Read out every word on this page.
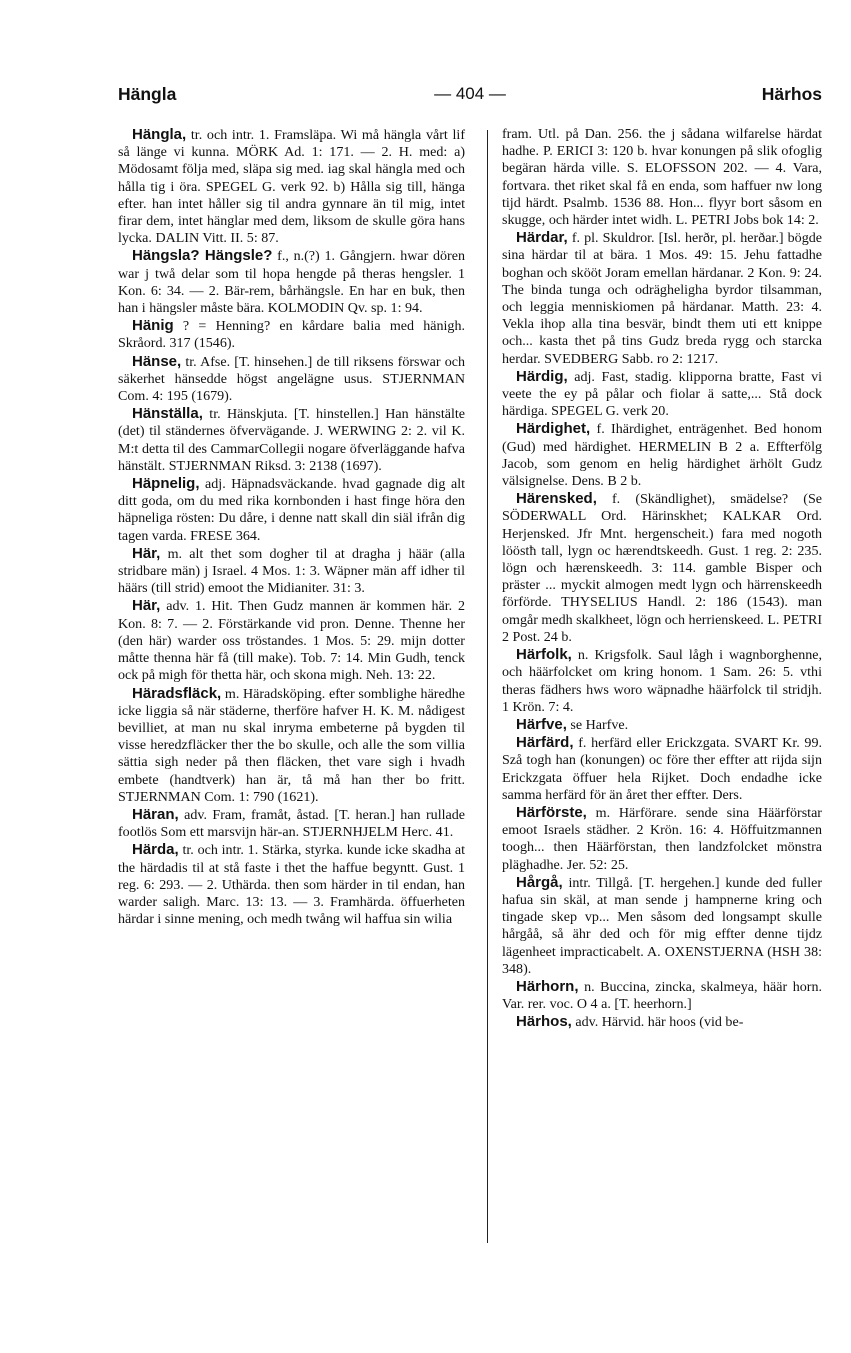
Hängla	— 404 —	Härhos

Hängla, tr. och intr. 1. Framsläpa. Wi må hängla vårt lif så länge vi kunna. MÖRK Ad. 1: 171. — 2. H. med: a) Mödosamt följa med, släpa sig med. iag skal hängla med och hålla tig i öra. SPEGEL G. verk 92. b) Hålla sig till, hänga efter. han intet håller sig til andra gynnare än til mig, intet firar dem, intet hänglar med dem, liksom de skulle göra hans lycka. DALIN Vitt. II. 5: 87.

Hängsla? Hängsle? f., n.(?) 1. Gångjern. hwar dören war j twå delar som til hopa hengde på theras hengsler. 1 Kon. 6: 34. — 2. Bär-rem, bårhängsle. En har en buk, then han i hängsler måste bära. KOLMODIN Qv. sp. 1: 94.

Hänig ? = Henning? en kårdare balia med hänigh. Skråord. 317 (1546).

Hänse, tr. Afse. [T. hinsehen.] de till riksens förswar och säkerhet hänsedde högst angelägne usus. STJERNMAN Com. 4: 195 (1679).

Hänställa, tr. Hänskjuta. [T. hinstellen.] Han hänstälte (det) til ständernes öfvervägande. J. WERWING 2: 2. vil K. M:t detta til des CammarCollegii nogare öfverläggande hafva hänstält. STJERNMAN Riksd. 3: 2138 (1697).

Häpnelig, adj. Häpnadsväckande. hvad gagnade dig alt ditt goda, om du med rika kornbonden i hast finge höra den häpneliga rösten: Du dåre, i denne natt skall din siäl ifrån dig tagen varda. FRESE 364.

Här, m. alt thet som dogher til at dragha j häär (alla stridbare män) j Israel. 4 Mos. 1: 3. Wäpner män aff idher til häärs (till strid) emoot the Midianiter. 31: 3.

Här, adv. 1. Hit. Then Gudz mannen är kommen här. 2 Kon. 8: 7. — 2. Förstärkande vid pron. Denne. Thenne her (den här) warder oss tröstandes. 1 Mos. 5: 29. mijn dotter måtte thenna här få (till make). Tob. 7: 14. Min Gudh, tenck ock på migh för thetta här, och skona migh. Neh. 13: 22.

Häradsfläck, m. Häradsköping. efter somblighe häredhe icke liggia så när städerne, therföre hafver H. K. M. nådigest bevilliet, at man nu skal inryma embeterne på bygden til visse heredzfläcker ther the bo skulle, och alle the som villia sättia sigh neder på then fläcken, thet vare sigh i hvadh embete (handtverk) han är, tå må han ther bo fritt. STJERNMAN Com. 1: 790 (1621).

Häran, adv. Fram, framåt, åstad. [T. heran.] han rullade footlös Som ett marsvijn här-an. STJERNHJELM Herc. 41.

Härda, tr. och intr. 1. Stärka, styrka. kunde icke skadha at the härdadis til at stå faste i thet the haffue begyntt. Gust. 1 reg. 6: 293. — 2. Uthärda. then som härder in til endan, han warder saligh. Marc. 13: 13. — 3. Framhärda. öffuerheten härdar i sinne mening, och medh twång wil haffua sin wilia

fram. Utl. på Dan. 256. the j sådana wilfarelse härdat hadhe. P. ERICI 3: 120 b. hvar konungen på slik ofoglig begäran härda ville. S. ELOFSSON 202. — 4. Vara, fortvara. thet riket skal få en enda, som haffuer nw long tijd härdt. Psalmb. 1536 88. Hon... flyyr bort såsom en skugge, och härder intet widh. L. PETRI Jobs bok 14: 2.

Härdar, f. pl. Skuldror. [Isl. herðr, pl. herðar.] bögde sina härdar til at bära. 1 Mos. 49: 15. Jehu fattadhe boghan och skööt Joram emellan härdanar. 2 Kon. 9: 24. The binda tunga och odrägheligha byrdor tilsamman, och leggia menniskiomen på härdanar. Matth. 23: 4. Vekla ihop alla tina besvär, bindt them uti ett knippe och... kasta thet på tins Gudz breda rygg och starcka herdar. SVEDBERG Sabb. ro 2: 1217.

Härdig, adj. Fast, stadig. klipporna bratte, Fast vi veete the ey på pålar och fiolar ä satte,... Stå dock härdiga. SPEGEL G. verk 20.

Härdighet, f. Ihärdighet, enträgenhet. Bed honom (Gud) med härdighet. HERMELIN B 2 a. Effterfölg Jacob, som genom en helig härdighet ärhölt Gudz välsignelse. Dens. B 2 b.

Härensked, f. (Skändlighet), smädelse? (Se SÖDERWALL Ord. Härinskhet; KALKAR Ord. Herjensked. Jfr Mnt. hergenscheit.) fara med nogoth lööstħ tall, lygn oc hærendtskeedh. Gust. 1 reg. 2: 235. lögn och hærenskeedh. 3: 114. gamble Bisper och präster ... myckit almogen medt lygn och härrenskeedh förförde. THYSELIUS Handl. 2: 186 (1543). man omgår medh skalkheet, lögn och herrienskeed. L. PETRI 2 Post. 24 b.

Härfolk, n. Krigsfolk. Saul lågh i wagnborghenne, och häärfolcket om kring honom. 1 Sam. 26: 5. vthi theras fädhers hws woro wäpnadhe häärfolck til stridjh. 1 Krön. 7: 4.

Härfve, se Harfve.

Härfärd, f. herfärd eller Erickzgata. SVART Kr. 99. Szå togh han (konungen) oc före ther effter att rijda sijn Erickzgata öffuer hela Rijket. Doch endadhe icke samma herfärd för än året ther effter. Ders.

Härförste, m. Härförare. sende sina Häärförstar emoot Israels städher. 2 Krön. 16: 4. Höffuitzmannen toogh... then Häärförstan, then landzfolcket mönstra pläghadhe. Jer. 52: 25.

Hårgå, intr. Tillgå. [T. hergehen.] kunde ded fuller hafua sin skäl, at man sende j hampnerne kring och tingade skep vp... Men såsom ded longsampt skulle hårgåå, så ähr ded och för mig effter denne tijdz lägenheet impracticabelt. A. OXENSTJERNA (HSH 38: 348).

Härhorn, n. Buccina, zincka, skalmeya, häär horn. Var. rer. voc. O 4 a. [T. heerhorn.]

Härhos, adv. Härvid. här hoos (vid be-
